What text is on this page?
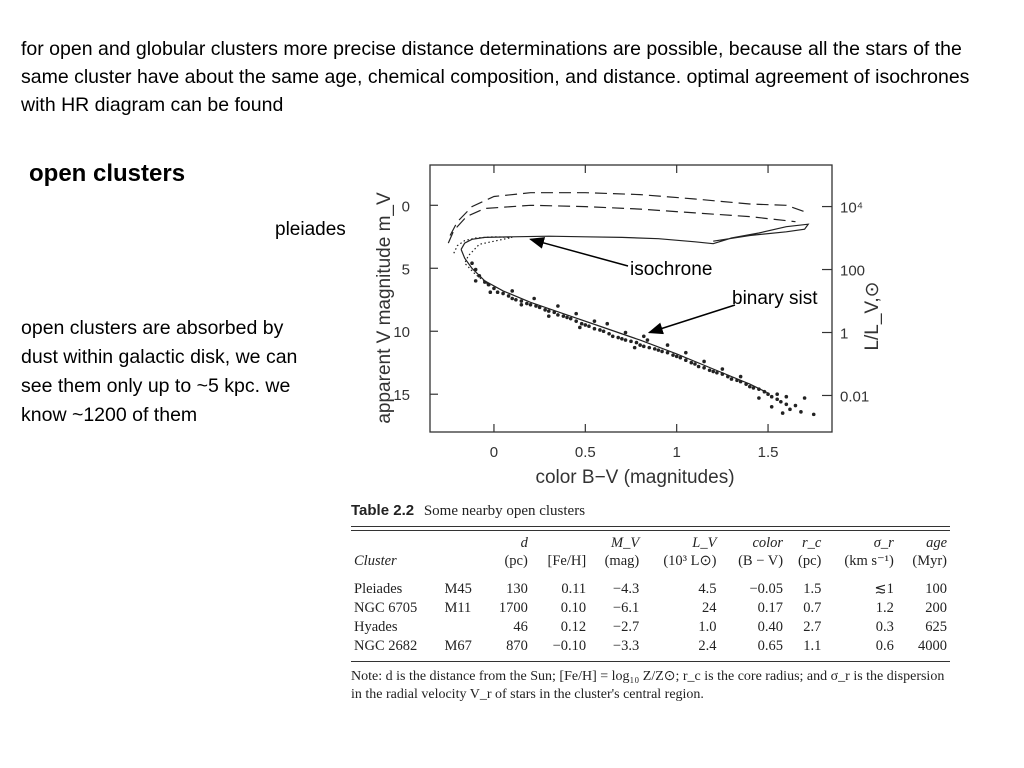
for open and globular clusters more precise distance determinations are possible, because all the stars of the same cluster have about the same age, chemical composition, and distance. optimal agreement of isochrones with HR diagram can be found
open clusters
open clusters are absorbed by dust within galactic disk, we can see them only up to ~5 kpc. we know ~1200 of them
0	0.5	1	1.5
0
5
10
15
10⁴
100
1
0.01
apparent V magnitude m_V	L/L_V,⊙
color B−V (magnitudes)
pleiades
isochrone
binary sist
Table 2.2 Some nearby open clusters
		d		M_V	L_V	color	r_c	σ_r	age
Cluster		(pc)	[Fe/H]	(mag)	(10³ L⊙)	(B − V)	(pc)	(km s⁻¹)	(Myr)
Pleiades	M45	130	0.11	−4.3	4.5	−0.05	1.5	≲1	100
NGC 6705	M11	1700	0.10	−6.1	24	0.17	0.7	1.2	200
Hyades		46	0.12	−2.7	1.0	0.40	2.7	0.3	625
NGC 2682	M67	870	−0.10	−3.3	2.4	0.65	1.1	0.6	4000
Note: d is the distance from the Sun; [Fe/H] = log₁₀ Z/Z⊙; r_c is the core radius; and σ_r is the dispersion in the radial velocity V_r of stars in the cluster's central region.
